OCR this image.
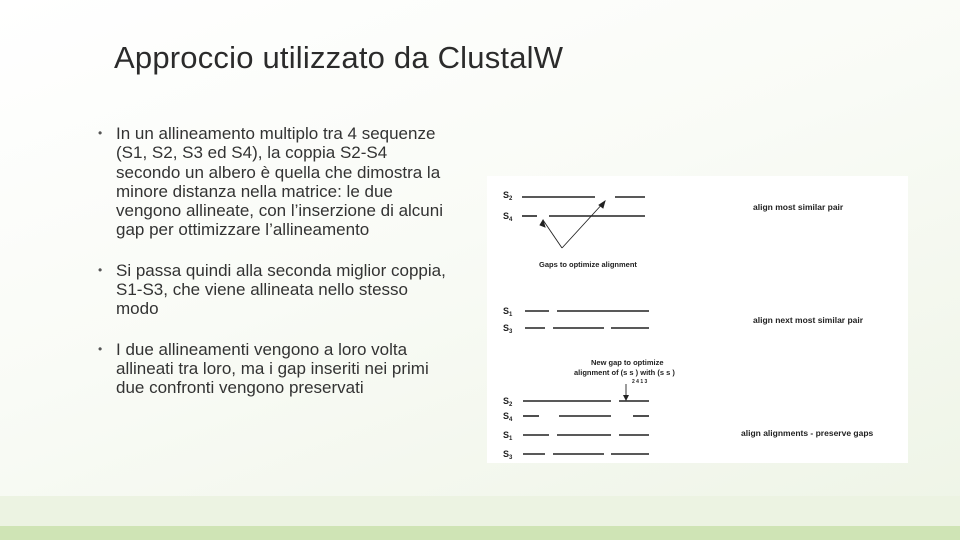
Approccio utilizzato da ClustalW
• In un allineamento multiplo tra 4 sequenze (S1, S2, S3 ed S4), la coppia S2-S4 secondo un albero è quella che dimostra la minore distanza nella matrice: le due vengono allineate, con l’inserzione di alcuni gap per ottimizzare l’allineamento
• Si passa quindi alla seconda miglior coppia, S1-S3, che viene allineata nello stesso modo
• I due allineamenti vengono a loro volta allineati tra loro, ma i gap inseriti nei primi due confronti vengono preservati
$S_2$
$S_4$
Gaps to optimize alignment
align most similar pair
$S_1$
$S_3$
align next most similar pair
New gap to optimize
alignment of (s s ) with (s s )
2 4 1 3
$S_2$
$S_4$
$S_1$
$S_3$
align alignments - preserve gaps
